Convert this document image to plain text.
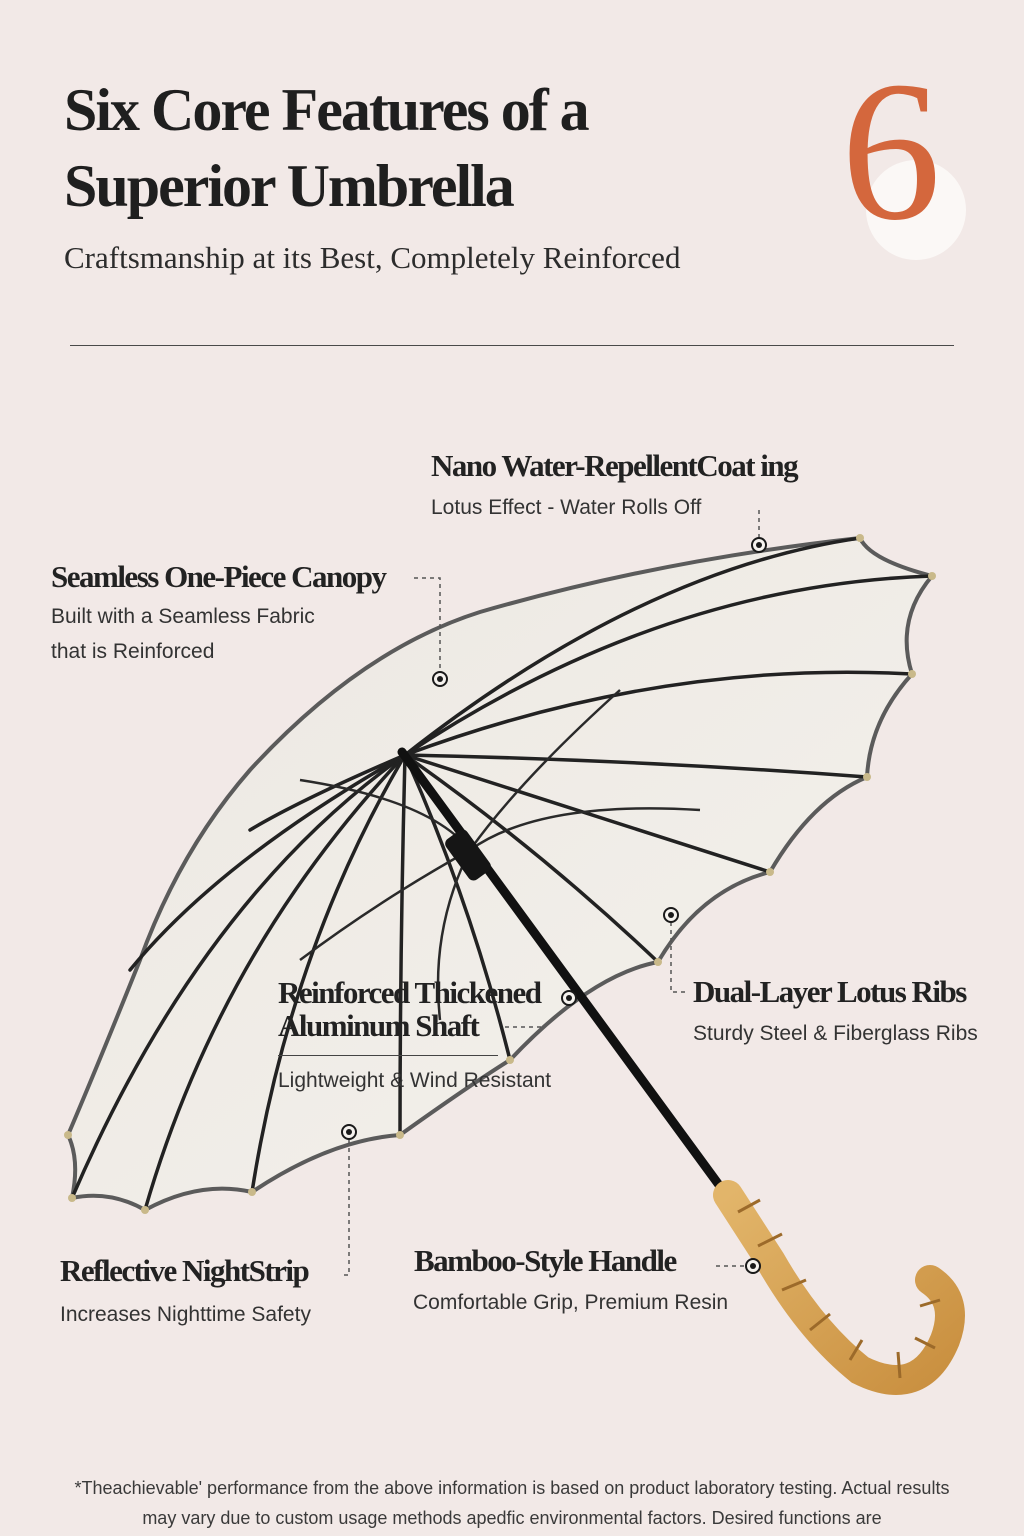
Six Core Features of a Superior Umbrella
Craftsmanship at its Best, Completely Reinforced 6
Nano Water-RepellentCoat ing
Lotus Effect - Water Rolls Off
Seamless One-Piece Canopy
Built with a Seamless Fabric that is Reinforced
Reinforced Thickened Aluminum Shaft
Lightweight & Wind Resistant
Dual-Layer Lotus Ribs
Sturdy Steel & Fiberglass Ribs
Reflective NightStrip
Increases Nighttime Safety
Bamboo-Style Handle
Comfortable Grip, Premium Resin
*Theachievable' performance from the above information is based on product laboratory testing. Actual results may vary due to custom usage methods apedfic environmental factors. Desired functions are
